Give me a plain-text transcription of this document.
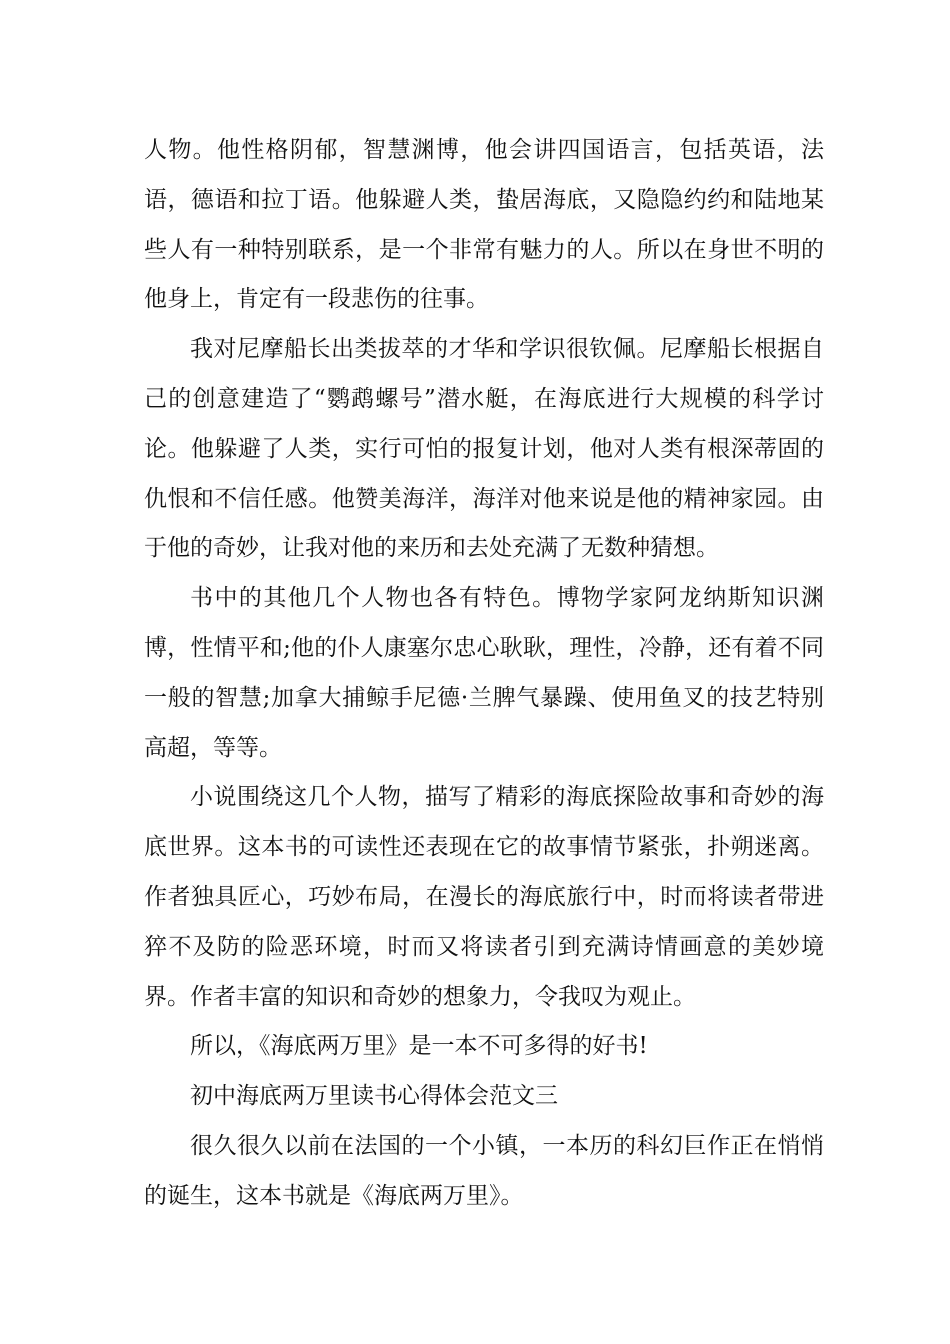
人物。他性格阴郁，智慧渊博，他会讲四国语言，包括英语，法语，德语和拉丁语。他躲避人类，蛰居海底，又隐隐约约和陆地某些人有一种特别联系，是一个非常有魅力的人。所以在身世不明的他身上，肯定有一段悲伤的往事。

我对尼摩船长出类拔萃的才华和学识很钦佩。尼摩船长根据自己的创意建造了“鹦鹉螺号”潜水艇，在海底进行大规模的科学讨论。他躲避了人类，实行可怕的报复计划，他对人类有根深蒂固的仇恨和不信任感。他赞美海洋，海洋对他来说是他的精神家园。由于他的奇妙，让我对他的来历和去处充满了无数种猜想。

书中的其他几个人物也各有特色。博物学家阿龙纳斯知识渊博，性情平和;他的仆人康塞尔忠心耿耿，理性，冷静，还有着不同一般的智慧;加拿大捕鲸手尼德·兰脾气暴躁、使用鱼叉的技艺特别高超，等等。

小说围绕这几个人物，描写了精彩的海底探险故事和奇妙的海底世界。这本书的可读性还表现在它的故事情节紧张，扑朔迷离。作者独具匠心，巧妙布局，在漫长的海底旅行中，时而将读者带进猝不及防的险恶环境，时而又将读者引到充满诗情画意的美妙境界。作者丰富的知识和奇妙的想象力，令我叹为观止。

所以，《海底两万里》是一本不可多得的好书!

初中海底两万里读书心得体会范文三

很久很久以前在法国的一个小镇，一本历的科幻巨作正在悄悄的诞生，这本书就是《海底两万里》。
